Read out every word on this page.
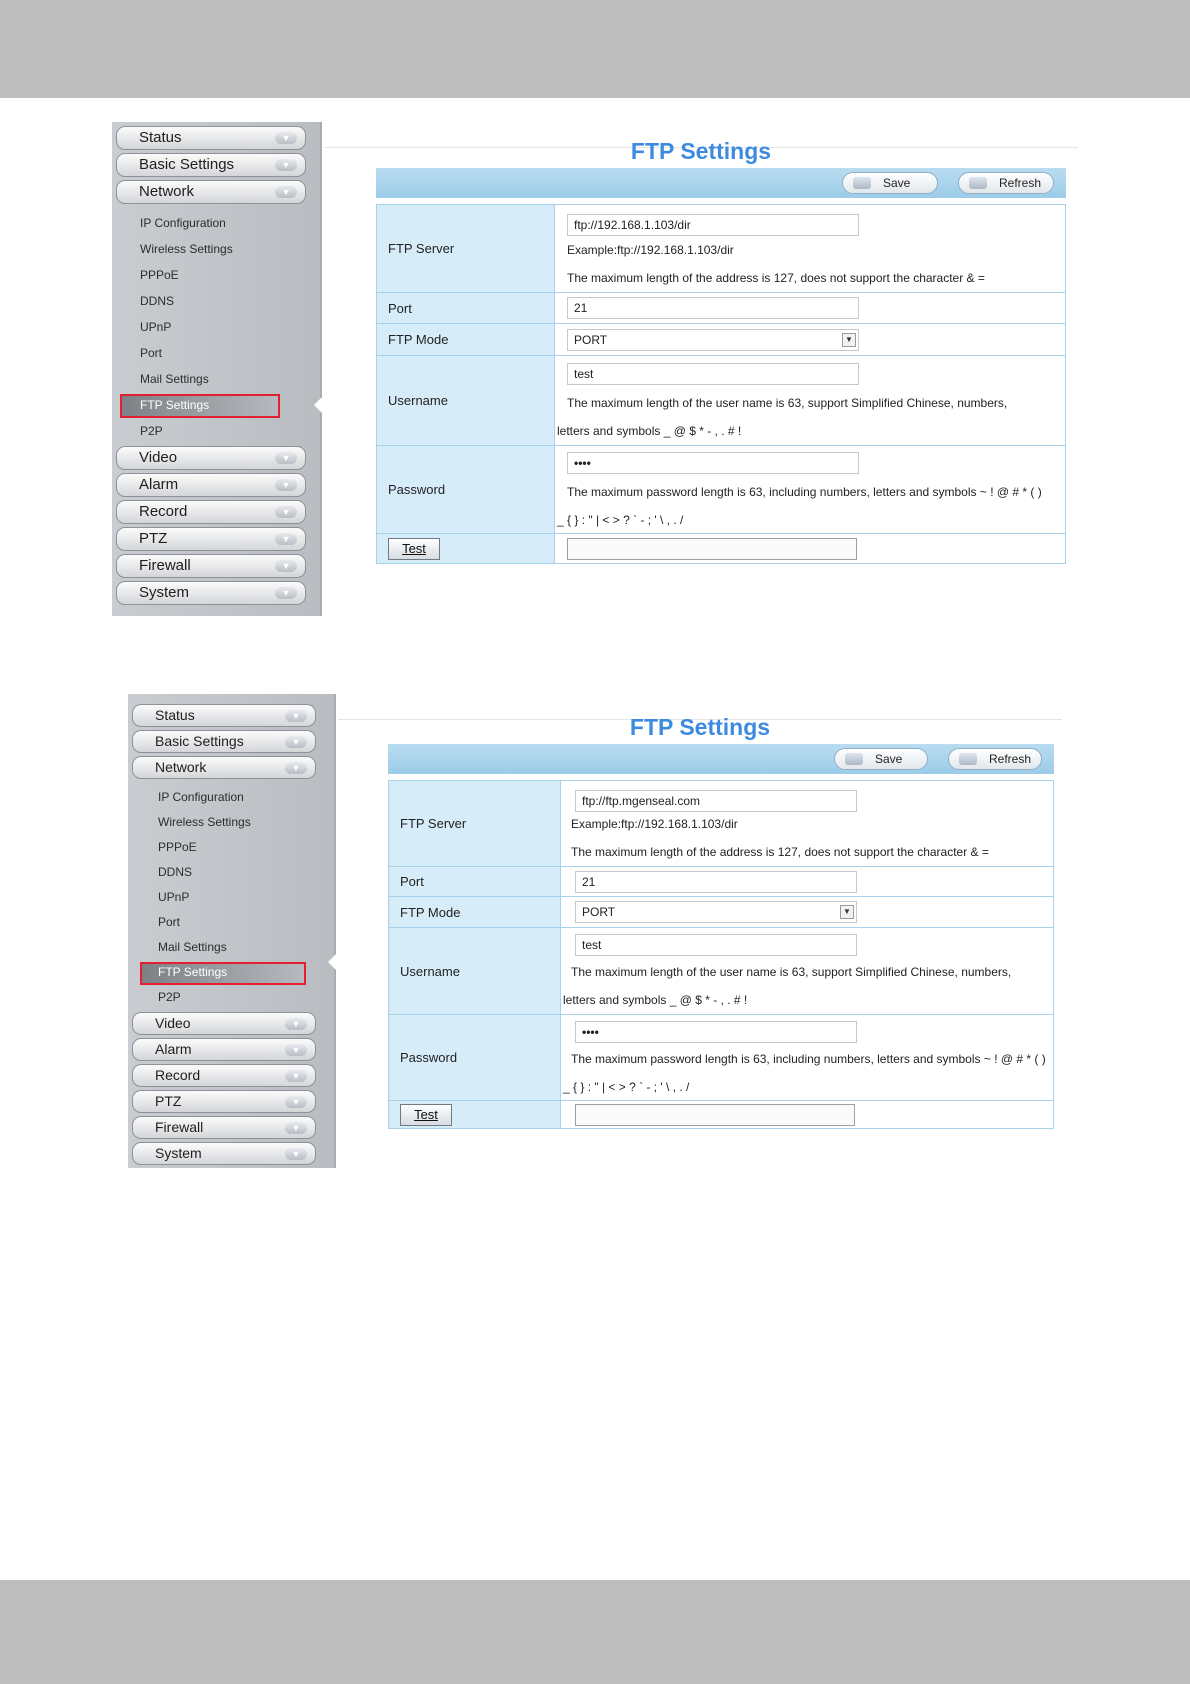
Status	▼
Basic Settings	▼
Network	▼
IP Configuration
Wireless Settings
PPPoE
DDNS
UPnP
Port
Mail Settings
FTP Settings
P2P
Video	▼
Alarm	▼
Record	▼
PTZ	▼
Firewall	▼
System	▼
FTP Settings
Save	Refresh
FTP Server	ftp://192.168.1.103/dir
Example:ftp://192.168.1.103/dir
The maximum length of the address is 127, does not support the character & =

Port	21

FTP Mode	PORT ▼

Username	test
The maximum length of the user name is 63, support Simplified Chinese, numbers,
letters and symbols _ @ $ * - , . # !

Password	••••
The maximum password length is 63, including numbers, letters and symbols ~ ! @ # * ( )
_ { } : " | < > ? ` - ; ' \ , . /

Test	

Status	▼
Basic Settings	▼
Network	▼
IP Configuration
Wireless Settings
PPPoE
DDNS
UPnP
Port
Mail Settings
FTP Settings
P2P
Video	▼
Alarm	▼
Record	▼
PTZ	▼
Firewall	▼
System	▼
FTP Settings
Save	Refresh
FTP Server	ftp://ftp.mgenseal.com
Example:ftp://192.168.1.103/dir
The maximum length of the address is 127, does not support the character & =

Port	21

FTP Mode	PORT ▼

Username	test
The maximum length of the user name is 63, support Simplified Chinese, numbers,
letters and symbols _ @ $ * - , . # !

Password	••••
The maximum password length is 63, including numbers, letters and symbols ~ ! @ # * ( )
_ { } : " | < > ? ` - ; ' \ , . /

Test	
